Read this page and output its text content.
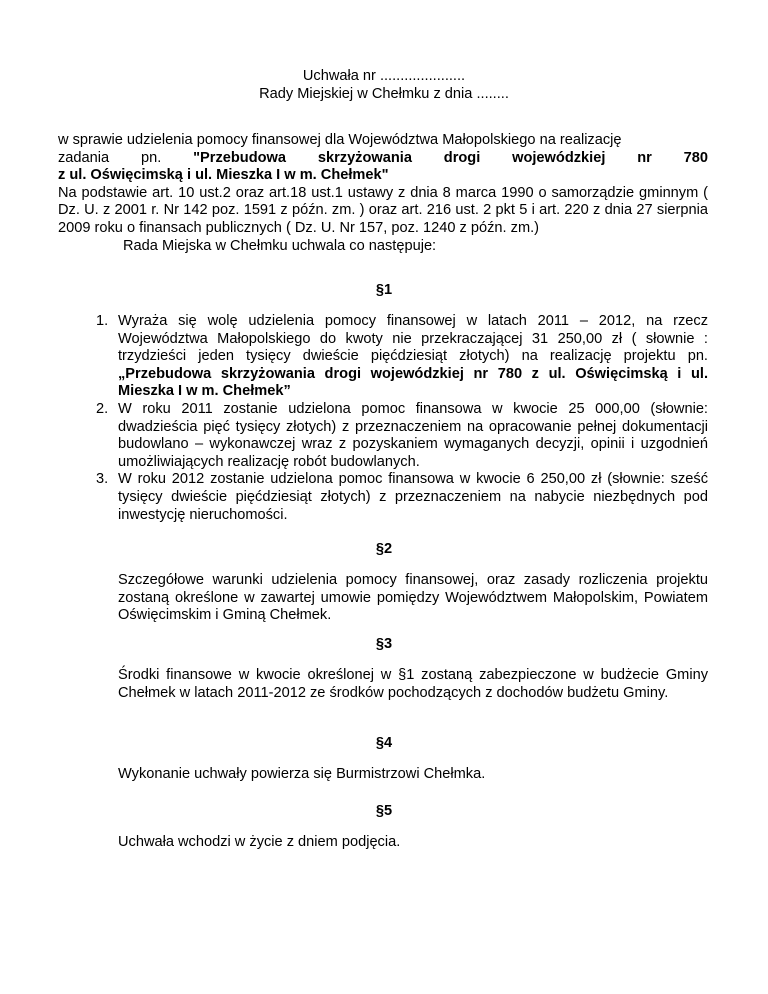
Uchwała nr .....................
Rady Miejskiej w Chełmku z dnia ........
w sprawie udzielenia pomocy finansowej dla Województwa Małopolskiego na realizację
zadania pn. "Przebudowa skrzyżowania drogi wojewódzkiej nr 780
z ul. Oświęcimską i ul. Mieszka I w m. Chełmek"
Na podstawie art. 10 ust.2 oraz art.18 ust.1 ustawy z dnia 8 marca 1990 o samorządzie gminnym ( Dz. U. z 2001 r. Nr 142 poz. 1591 z późn. zm. ) oraz art. 216 ust. 2 pkt 5 i art. 220 z dnia 27 sierpnia 2009 roku o finansach publicznych ( Dz. U. Nr 157, poz. 1240 z późn. zm.)
Rada Miejska w Chełmku uchwala co następuje:
§1
1. Wyraża się wolę udzielenia pomocy finansowej w latach 2011 – 2012, na rzecz Województwa Małopolskiego do kwoty nie przekraczającej 31 250,00 zł ( słownie : trzydzieści jeden tysięcy dwieście pięćdziesiąt złotych) na realizację projektu pn. „Przebudowa skrzyżowania drogi wojewódzkiej nr 780 z ul. Oświęcimską i ul. Mieszka I w m. Chełmek”
2. W roku 2011 zostanie udzielona pomoc finansowa w kwocie 25 000,00 (słownie: dwadzieścia pięć tysięcy złotych) z przeznaczeniem na opracowanie pełnej dokumentacji budowlano – wykonawczej wraz z pozyskaniem wymaganych decyzji, opinii i uzgodnień umożliwiających realizację robót budowlanych.
3. W roku 2012 zostanie udzielona pomoc finansowa w kwocie 6 250,00 zł (słownie: sześć tysięcy dwieście pięćdziesiąt złotych) z przeznaczeniem na nabycie niezbędnych pod inwestycję nieruchomości.
§2
Szczegółowe warunki udzielenia pomocy finansowej, oraz zasady rozliczenia projektu zostaną określone w zawartej umowie pomiędzy Województwem Małopolskim, Powiatem Oświęcimskim i Gminą Chełmek.
§3
Środki finansowe w kwocie określonej w §1 zostaną zabezpieczone w budżecie Gminy Chełmek w latach 2011-2012 ze środków pochodzących z dochodów budżetu Gminy.
§4
Wykonanie uchwały powierza się Burmistrzowi Chełmka.
§5
Uchwała wchodzi w życie z dniem podjęcia.
